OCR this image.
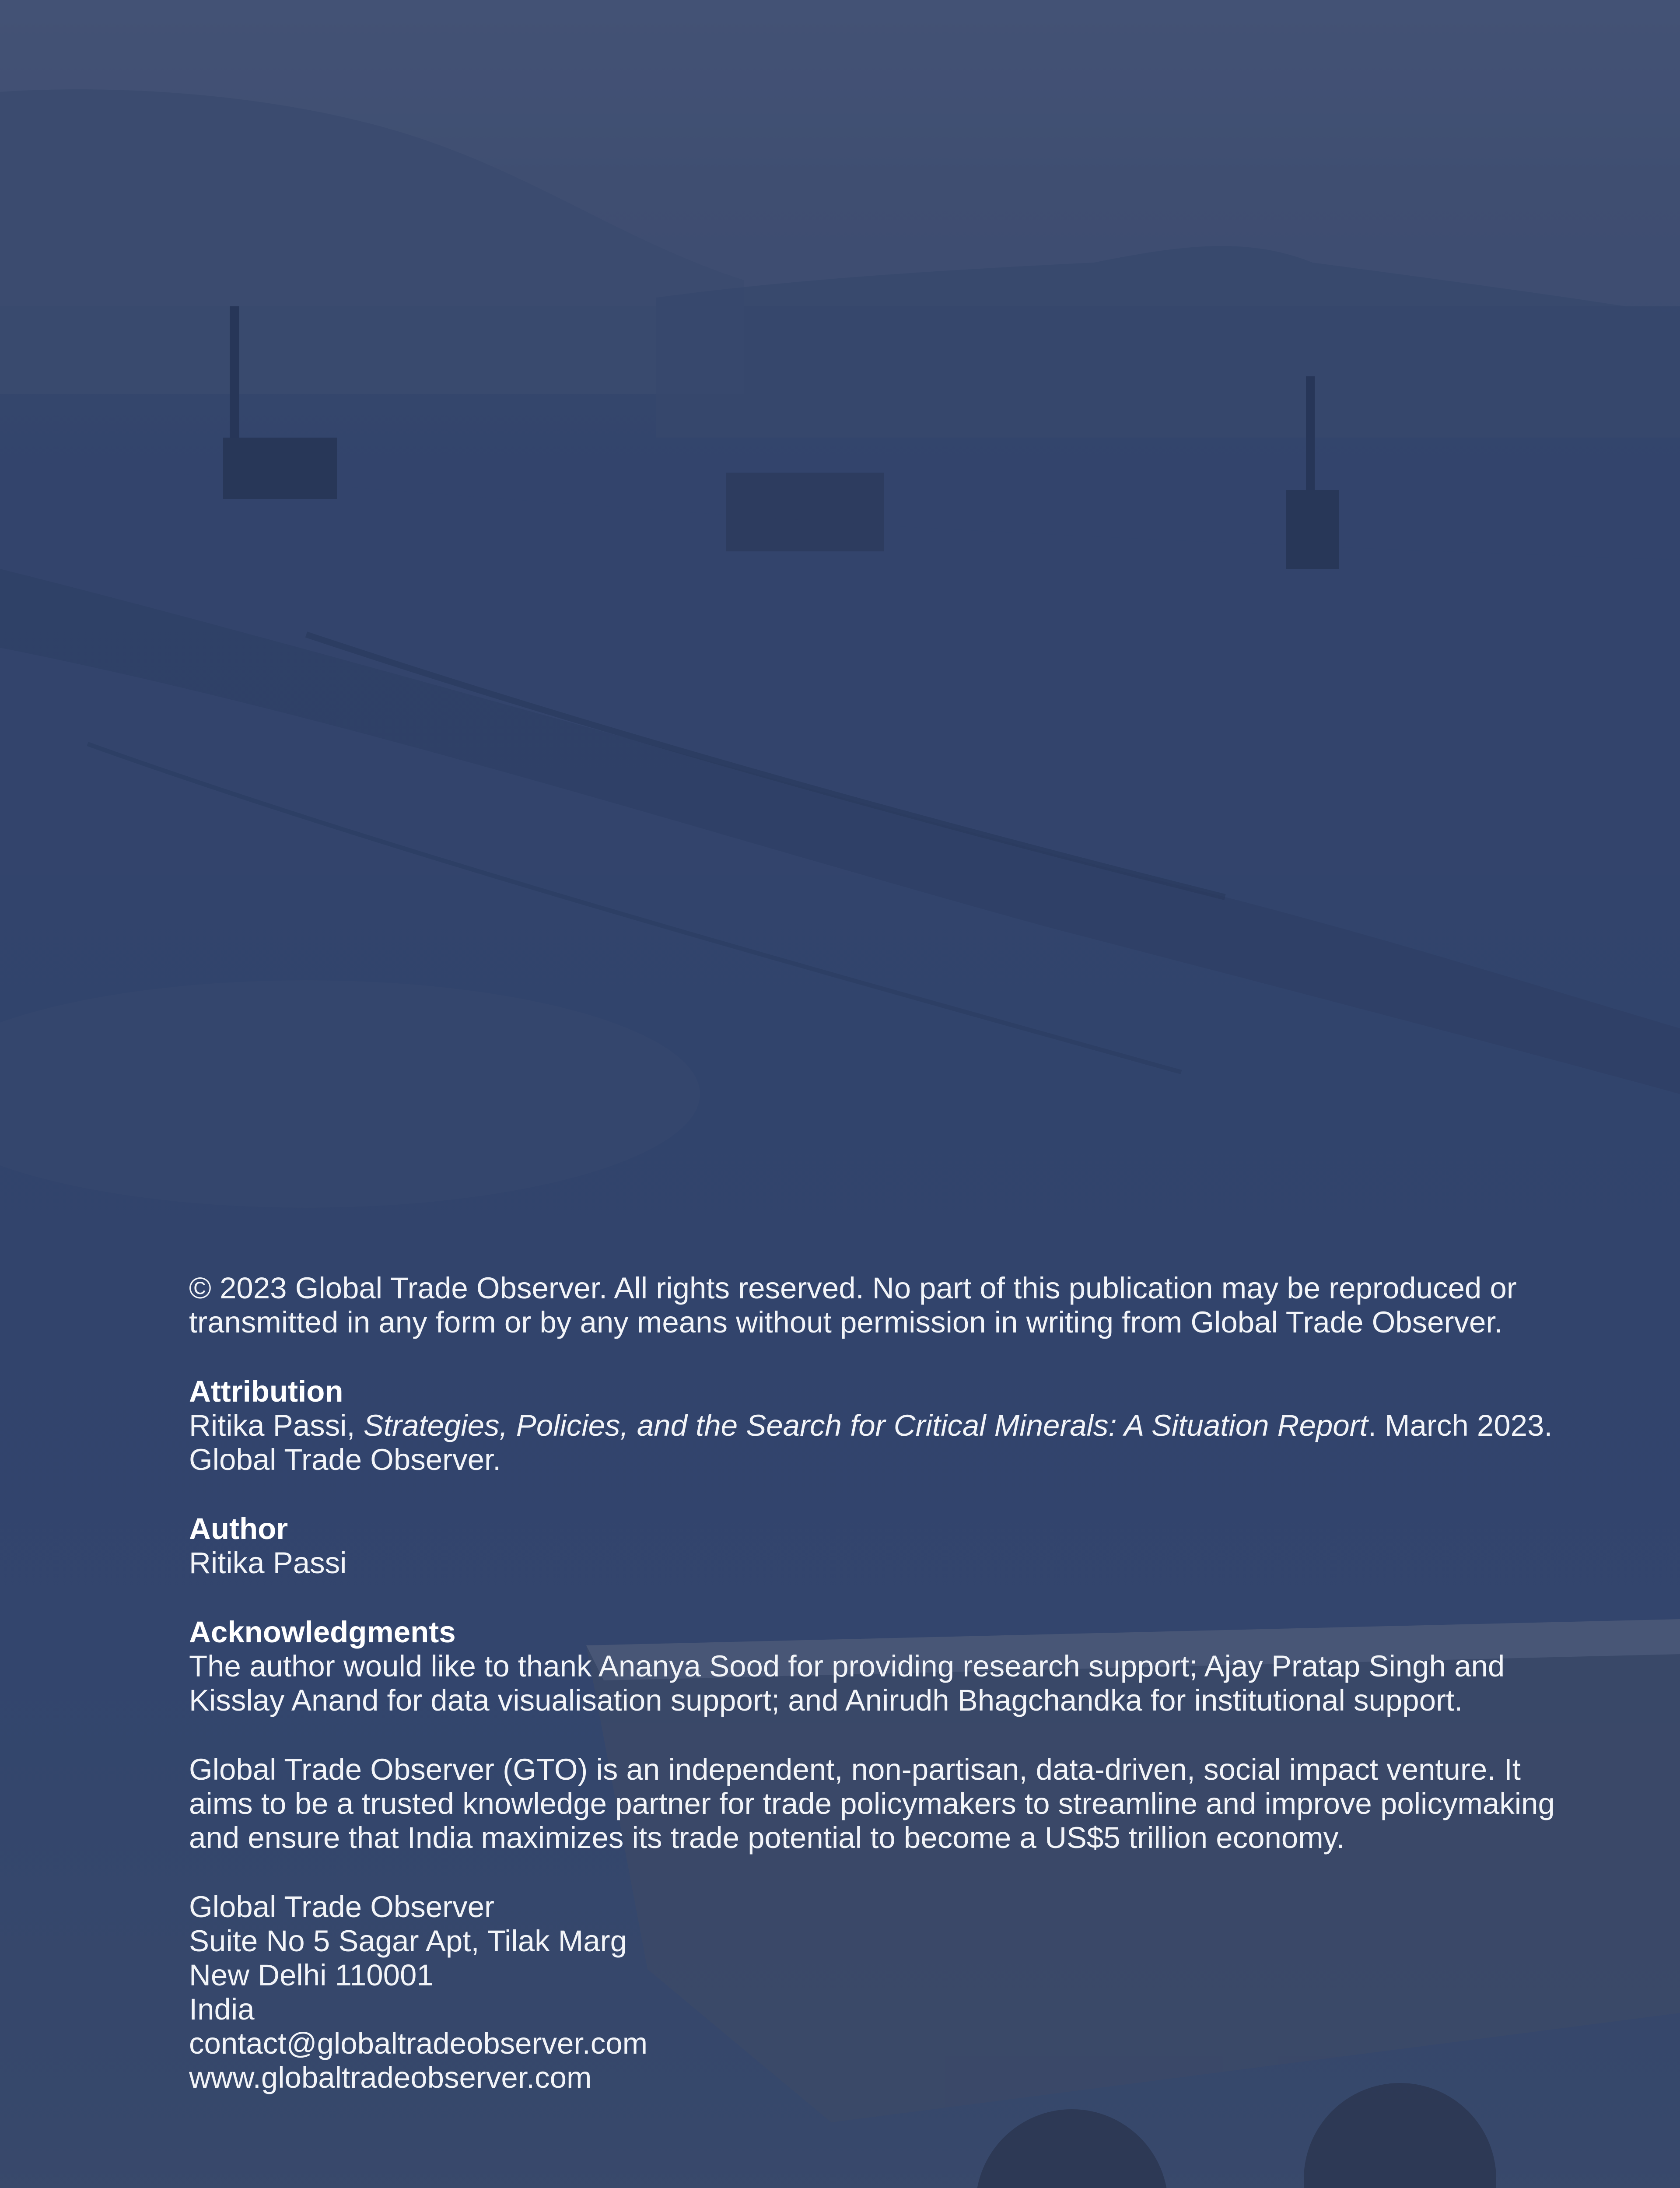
© 2023 Global Trade Observer. All rights reserved. No part of this publication may be reproduced or transmitted in any form or by any means without permission in writing from Global Trade Observer.

Attribution

Ritika Passi, Strategies, Policies, and the Search for Critical Minerals: A Situation Report. March 2023. Global Trade Observer.

Author

Ritika Passi

Acknowledgments

The author would like to thank Ananya Sood for providing research support; Ajay Pratap Singh and Kisslay Anand for data visualisation support; and Anirudh Bhagchandka for institutional support.

Global Trade Observer (GTO) is an independent, non-partisan, data-driven, social impact venture. It aims to be a trusted knowledge partner for trade policymakers to streamline and improve policymaking and ensure that India maximizes its trade potential to become a US$5 trillion economy.

Global Trade Observer
Suite No 5 Sagar Apt, Tilak Marg
New Delhi 110001
India
contact@globaltradeobserver.com
www.globaltradeobserver.com
